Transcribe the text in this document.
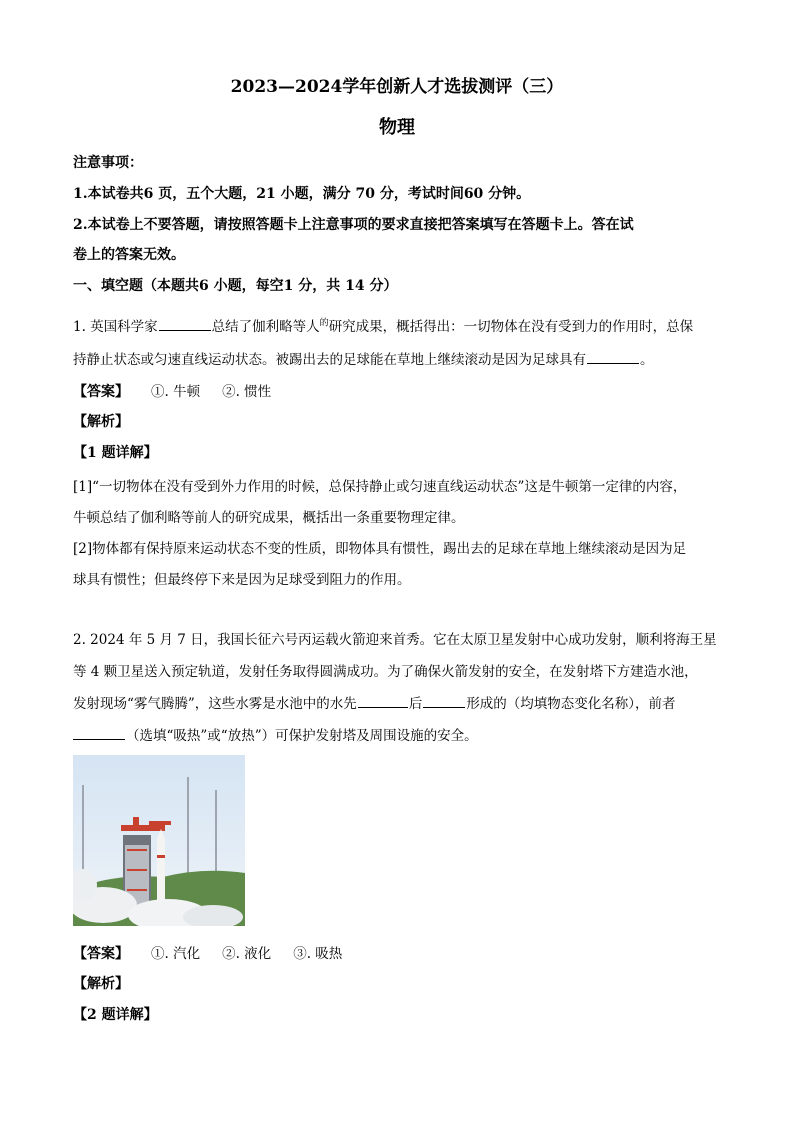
2023—2024学年创新人才选拔测评（三）
物理
注意事项：
1.本试卷共6 页，五个大题，21 小题，满分 70 分，考试时间60 分钟。
2.本试卷上不要答题，请按照答题卡上注意事项的要求直接把答案填写在答题卡上。答在试
卷上的答案无效。
一、填空题（本题共6 小题，每空1 分，共 14 分）
1. 英国科学家	总结了伽利略等人$^的$研究成果，概括得出：一切物体在没有受到力的作用时，总保
持静止状态或匀速直线运动状态。被踢出去的足球能在草地上继续滚动是因为足球具有	。
【答案】 ①. 牛顿 ②. 惯性
【解析】
【1 题详解】
[1]“一切物体在没有受到外力作用的时候，总保持静止或匀速直线运动状态”这是牛顿第一定律的内容，
牛顿总结了伽利略等前人的研究成果，概括出一条重要物理定律。
[2]物体都有保持原来运动状态不变的性质，即物体具有惯性，踢出去的足球在草地上继续滚动是因为足
球具有惯性；但最终停下来是因为足球受到阻力的作用。
2. 2024 年 5 月 7 日，我国长征六号丙运载火箭迎来首秀。它在太原卫星发射中心成功发射，顺利将海王星
等 4 颗卫星送入预定轨道，发射任务取得圆满成功。为了确保火箭发射的安全，在发射塔下方建造水池，
发射现场“雾气腾腾”，这些水雾是水池中的水先	后	形成的（均填物态变化名称），前者
（选填“吸热”或“放热”）可保护发射塔及周围设施的安全。
【答案】 ①. 汽化 ②. 液化 ③. 吸热
【解析】
【2 题详解】
